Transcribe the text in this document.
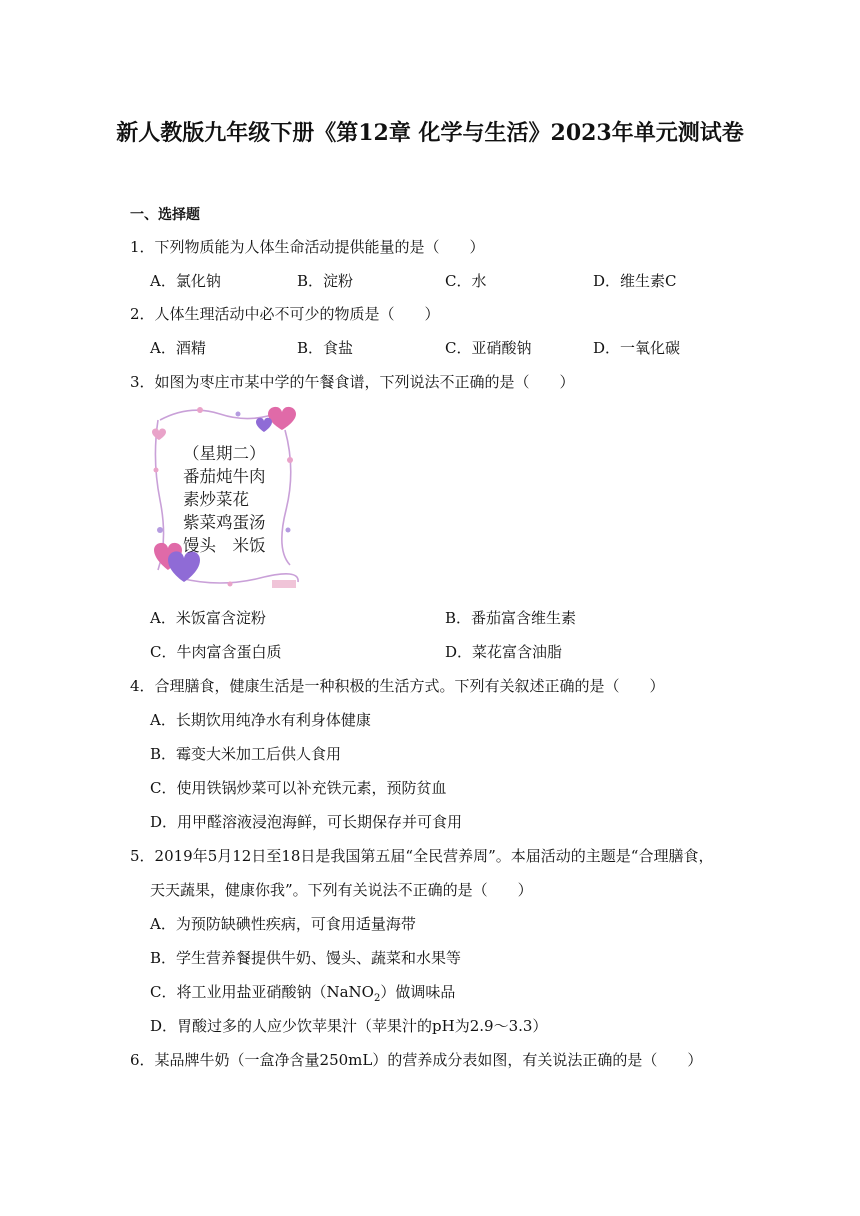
新人教版九年级下册《第12章 化学与生活》2023年单元测试卷
一、选择题
1．下列物质能为人体生命活动提供能量的是（　　）
A．氯化钠	B．淀粉	C．水	D．维生素C
2．人体生理活动中必不可少的物质是（　　）
A．酒精	B．食盐	C．亚硝酸钠	D．一氧化碳
3．如图为枣庄市某中学的午餐食谱，下列说法不正确的是（　　）
（星期二）
番茄炖牛肉
素炒菜花
紫菜鸡蛋汤
馒头　米饭
A．米饭富含淀粉	B．番茄富含维生素
C．牛肉富含蛋白质	D．菜花富含油脂
4．合理膳食，健康生活是一种积极的生活方式。下列有关叙述正确的是（　　）
A．长期饮用纯净水有利身体健康
B．霉变大米加工后供人食用
C．使用铁锅炒菜可以补充铁元素，预防贫血
D．用甲醛溶液浸泡海鲜，可长期保存并可食用
5．2019年5月12日至18日是我国第五届“全民营养周”。本届活动的主题是“合理膳食，
天天蔬果，健康你我”。下列有关说法不正确的是（　　）
A．为预防缺碘性疾病，可食用适量海带
B．学生营养餐提供牛奶、馒头、蔬菜和水果等
C．将工业用盐亚硝酸钠（NaNO$_2$）做调味品
D．胃酸过多的人应少饮苹果汁（苹果汁的pH为2.9～3.3）
6．某品牌牛奶（一盒净含量250mL）的营养成分表如图，有关说法正确的是（　　）
